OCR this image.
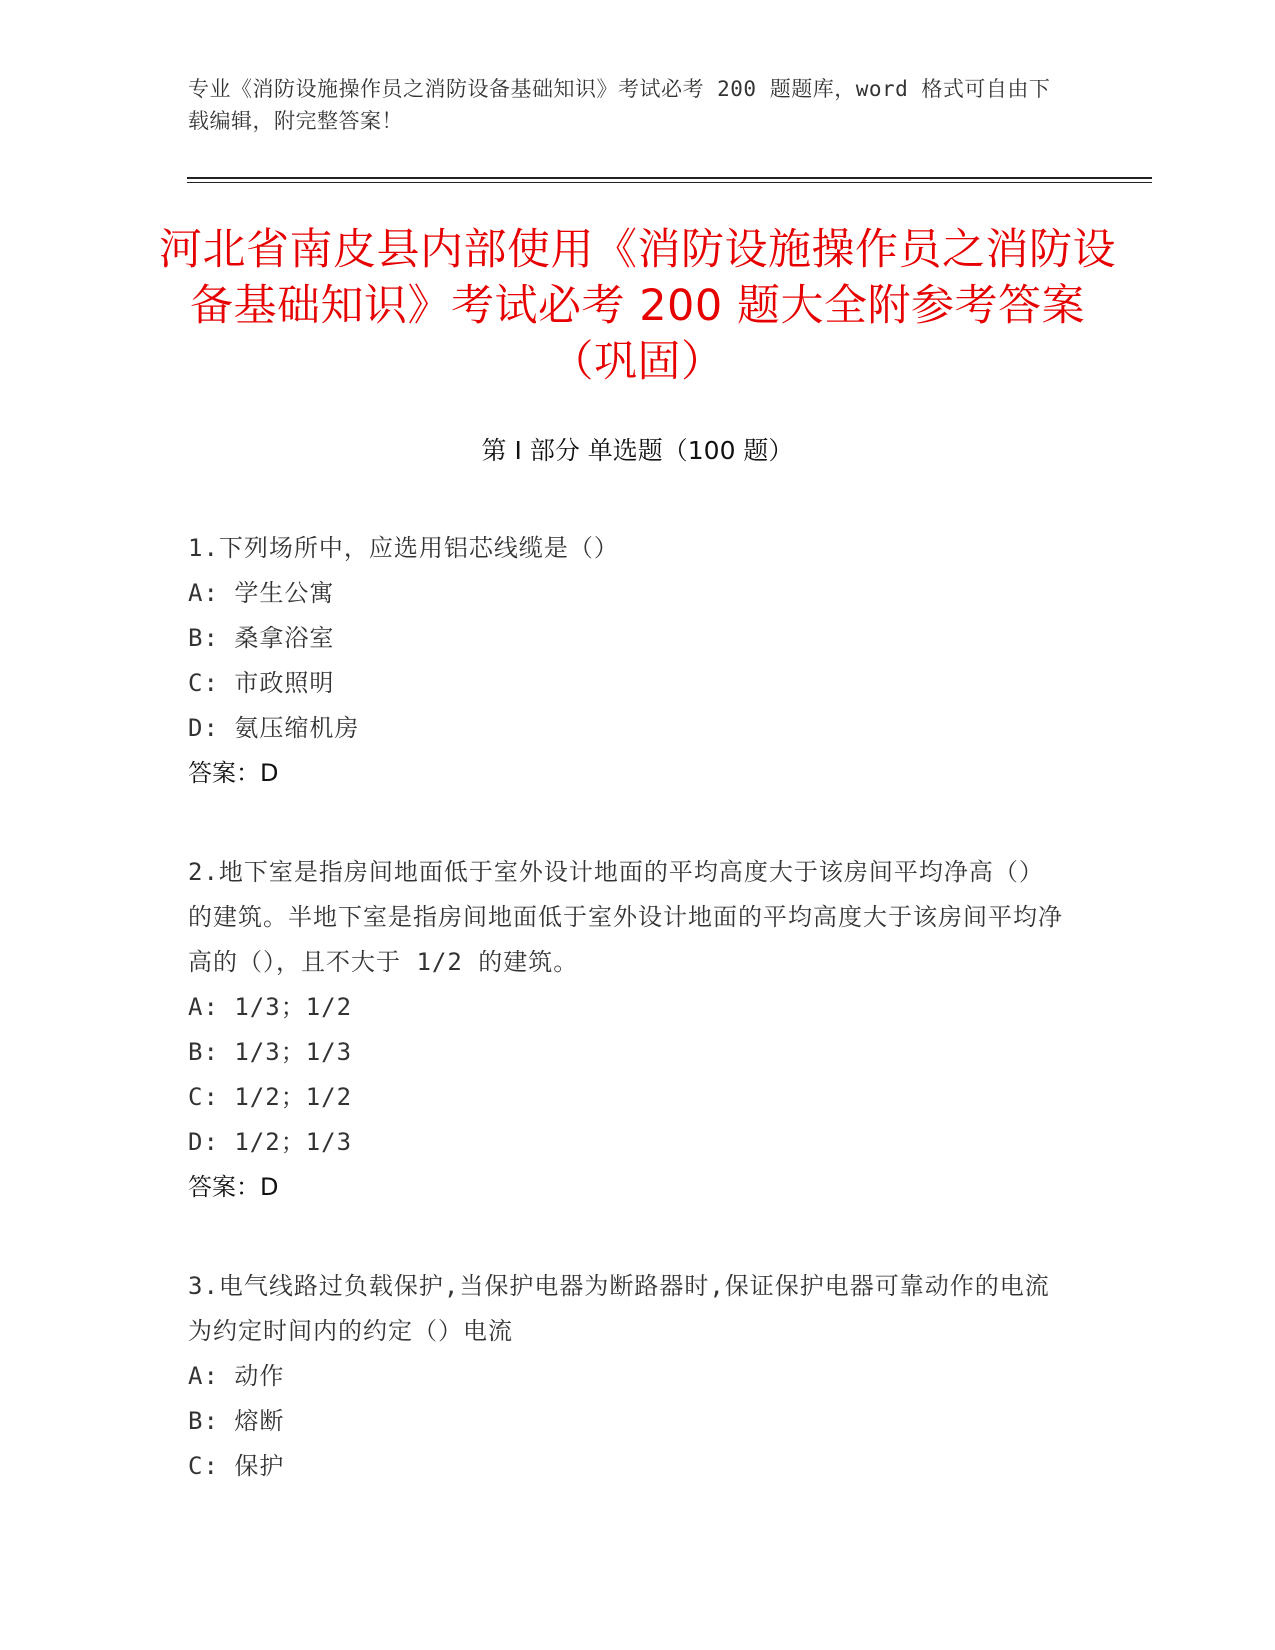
专业《消防设施操作员之消防设备基础知识》考试必考 200 题题库，word 格式可自由下载编辑，附完整答案！
河北省南皮县内部使用《消防设施操作员之消防设备基础知识》考试必考 200 题大全附参考答案（巩固）
第 I 部分 单选题（100 题）
1.下列场所中，应选用铝芯线缆是（）
A: 学生公寓
B: 桑拿浴室
C: 市政照明
D: 氨压缩机房
答案：D
2.地下室是指房间地面低于室外设计地面的平均高度大于该房间平均净高（）的建筑。半地下室是指房间地面低于室外设计地面的平均高度大于该房间平均净高的（），且不大于 1/2 的建筑。
A: 1/3；1/2
B: 1/3；1/3
C: 1/2；1/2
D: 1/2；1/3
答案：D
3.电气线路过负载保护,当保护电器为断路器时,保证保护电器可靠动作的电流为约定时间内的约定（）电流
A: 动作
B: 熔断
C: 保护
